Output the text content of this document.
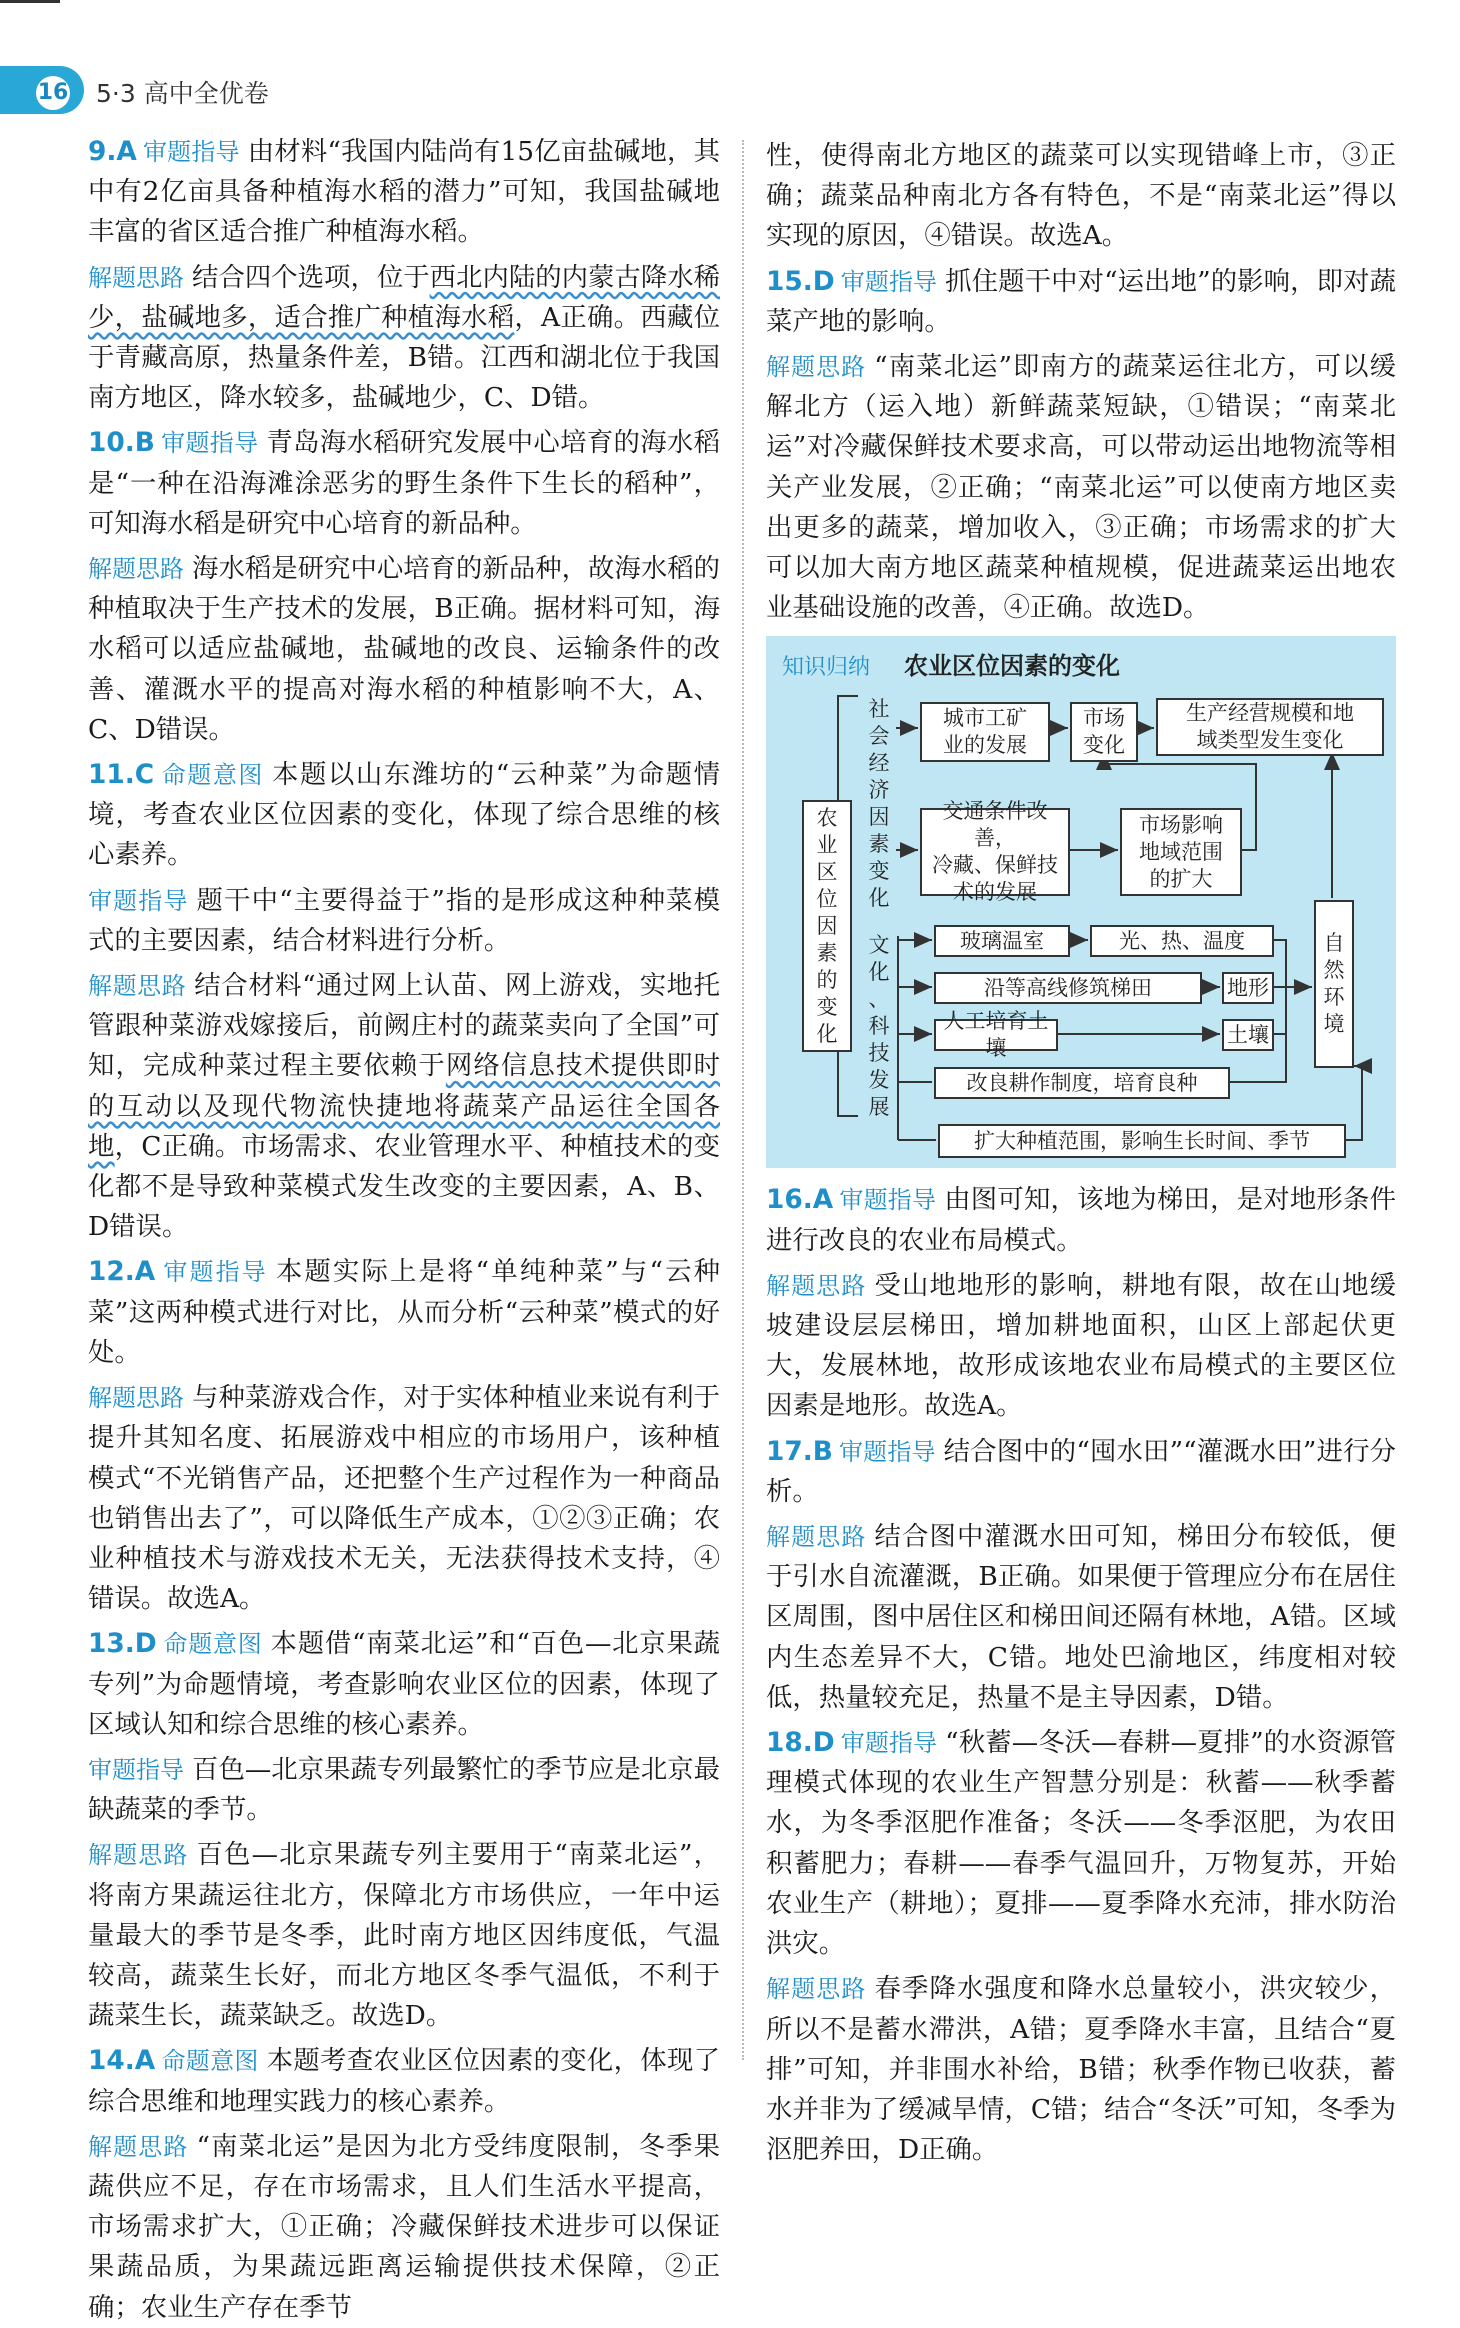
16 5·3 高中全优卷

9.A 审题指导 由材料“我国内陆尚有15亿亩盐碱地，其中有2亿亩具备种植海水稻的潜力”可知，我国盐碱地丰富的省区适合推广种植海水稻。

解题思路 结合四个选项，位于西北内陆的内蒙古降水稀少，盐碱地多，适合推广种植海水稻，A正确。西藏位于青藏高原，热量条件差，B错。江西和湖北位于我国南方地区，降水较多，盐碱地少，C、D错。

10.B 审题指导 青岛海水稻研究发展中心培育的海水稻是“一种在沿海滩涂恶劣的野生条件下生长的稻种”，可知海水稻是研究中心培育的新品种。

解题思路 海水稻是研究中心培育的新品种，故海水稻的种植取决于生产技术的发展，B正确。据材料可知，海水稻可以适应盐碱地，盐碱地的改良、运输条件的改善、灌溉水平的提高对海水稻的种植影响不大，A、C、D错误。

11.C 命题意图 本题以山东潍坊的“云种菜”为命题情境，考查农业区位因素的变化，体现了综合思维的核心素养。

审题指导 题干中“主要得益于”指的是形成这种种菜模式的主要因素，结合材料进行分析。

解题思路 结合材料“通过网上认苗、网上游戏，实地托管跟种菜游戏嫁接后，前阙庄村的蔬菜卖向了全国”可知，完成种菜过程主要依赖于网络信息技术提供即时的互动以及现代物流快捷地将蔬菜产品运往全国各地，C正确。市场需求、农业管理水平、种植技术的变化都不是导致种菜模式发生改变的主要因素，A、B、D错误。

12.A 审题指导 本题实际上是将“单纯种菜”与“云种菜”这两种模式进行对比，从而分析“云种菜”模式的好处。

解题思路 与种菜游戏合作，对于实体种植业来说有利于提升其知名度、拓展游戏中相应的市场用户，该种植模式“不光销售产品，还把整个生产过程作为一种商品也销售出去了”，可以降低生产成本，①②③正确；农业种植技术与游戏技术无关，无法获得技术支持，④错误。故选A。

13.D 命题意图 本题借“南菜北运”和“百色—北京果蔬专列”为命题情境，考查影响农业区位的因素，体现了区域认知和综合思维的核心素养。

审题指导 百色—北京果蔬专列最繁忙的季节应是北京最缺蔬菜的季节。

解题思路 百色—北京果蔬专列主要用于“南菜北运”，将南方果蔬运往北方，保障北方市场供应，一年中运量最大的季节是冬季，此时南方地区因纬度低，气温较高，蔬菜生长好，而北方地区冬季气温低，不利于蔬菜生长，蔬菜缺乏。故选D。

14.A 命题意图 本题考查农业区位因素的变化，体现了综合思维和地理实践力的核心素养。

解题思路 “南菜北运”是因为北方受纬度限制，冬季果蔬供应不足，存在市场需求，且人们生活水平提高，市场需求扩大，①正确；冷藏保鲜技术进步可以保证果蔬品质，为果蔬远距离运输提供技术保障，②正确；农业生产存在季节

性，使得南北方地区的蔬菜可以实现错峰上市，③正确；蔬菜品种南北方各有特色，不是“南菜北运”得以实现的原因，④错误。故选A。

15.D 审题指导 抓住题干中对“运出地”的影响，即对蔬菜产地的影响。

解题思路 “南菜北运”即南方的蔬菜运往北方，可以缓解北方（运入地）新鲜蔬菜短缺，①错误；“南菜北运”对冷藏保鲜技术要求高，可以带动运出地物流等相关产业发展，②正确；“南菜北运”可以使南方地区卖出更多的蔬菜，增加收入，③正确；市场需求的扩大可以加大南方地区蔬菜种植规模，促进蔬菜运出地农业基础设施的改善，④正确。故选D。

知识归纳 农业区位因素的变化
农
业
区
位
因
素
的
变
化
社
会
经
济
因
素
变
化
文
化
、
科
技
发
展
城市工矿
业的发展
市场
变化
生产经营规模和地
域类型发生变化
交通条件改善，
冷藏、保鲜技
术的发展
市场影响
地域范围
的扩大
玻璃温室	光、热、温度
沿等高线修筑梯田	地形
人工培育土壤
土壤
自
然
环
境
改良耕作制度，培育良种
扩大种植范围，影响生长时间、季节

16.A 审题指导 由图可知，该地为梯田，是对地形条件进行改良的农业布局模式。

解题思路 受山地地形的影响，耕地有限，故在山地缓坡建设层层梯田，增加耕地面积，山区上部起伏更大，发展林地，故形成该地农业布局模式的主要区位因素是地形。故选A。

17.B 审题指导 结合图中的“囤水田”“灌溉水田”进行分析。

解题思路 结合图中灌溉水田可知，梯田分布较低，便于引水自流灌溉，B正确。如果便于管理应分布在居住区周围，图中居住区和梯田间还隔有林地，A错。区域内生态差异不大，C错。地处巴渝地区，纬度相对较低，热量较充足，热量不是主导因素，D错。

18.D 审题指导 “秋蓄—冬沃—春耕—夏排”的水资源管理模式体现的农业生产智慧分别是：秋蓄——秋季蓄水，为冬季沤肥作准备；冬沃——冬季沤肥，为农田积蓄肥力；春耕——春季气温回升，万物复苏，开始农业生产（耕地）；夏排——夏季降水充沛，排水防治洪灾。

解题思路 春季降水强度和降水总量较小，洪灾较少，所以不是蓄水滞洪，A错；夏季降水丰富，且结合“夏排”可知，并非围水补给，B错；秋季作物已收获，蓄水并非为了缓减旱情，C错；结合“冬沃”可知，冬季为沤肥养田，D正确。
